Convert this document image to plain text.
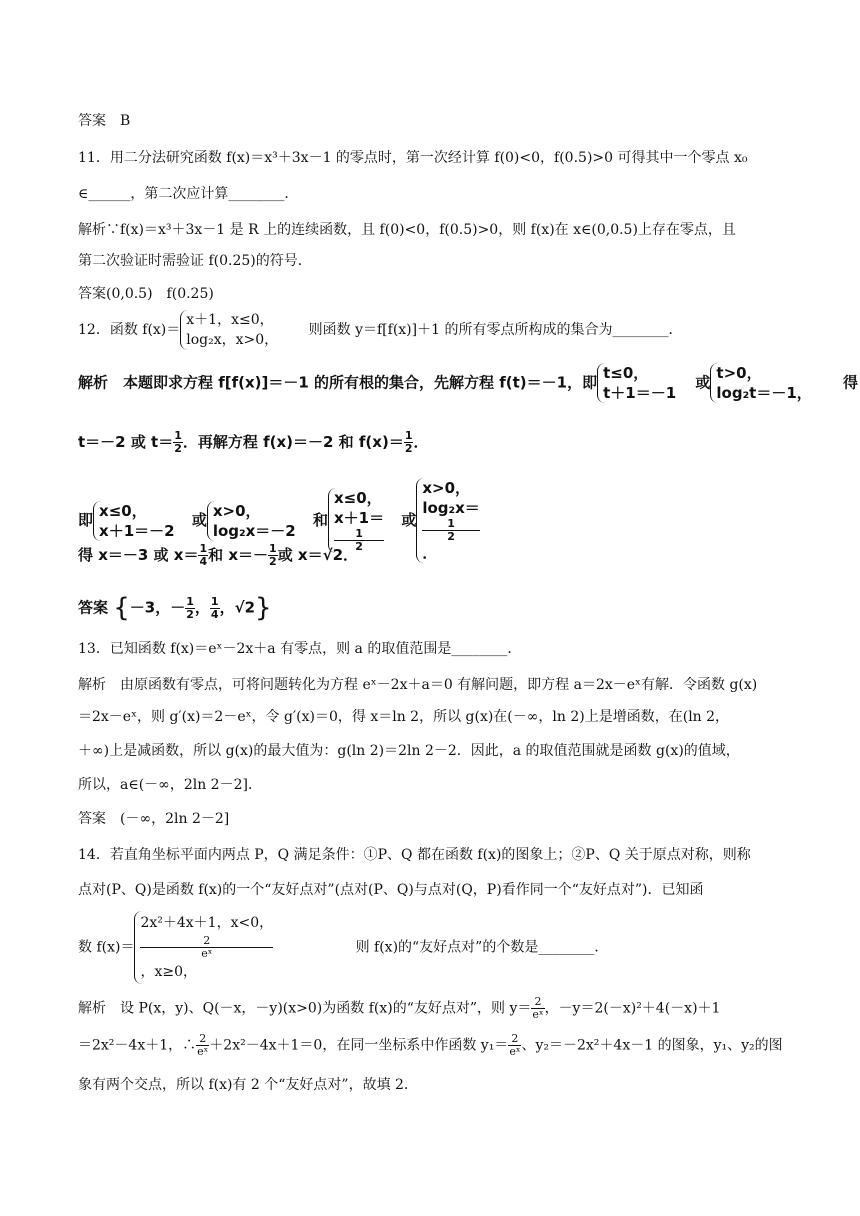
答案　B
11．用二分法研究函数 f(x)＝x³＋3x－1 的零点时，第一次经计算 f(0)<0，f(0.5)>0 可得其中一个零点 x₀
∈______，第二次应计算________．
解析∵f(x)＝x³＋3x－1 是 R 上的连续函数，且 f(0)<0，f(0.5)>0，则 f(x)在 x∈(0,0.5)上存在零点，且
第二次验证时需验证 f(0.25)的符号．
答案(0,0.5)　f(0.25)
12．函数 f(x)＝
x＋1，x≤0，
log₂x，x>0，
则函数 y＝f[f(x)]＋1 的所有零点所构成的集合为________．
解析　本题即求方程 f[f(x)]＝－1 的所有根的集合，先解方程 f(t)＝－1，即
t≤0，
t＋1＝－1
或
t>0，
log₂t＝－1，
得
t＝－2 或 $t= \frac{1}{2}$ ．再解方程 f(x)＝－2 和 $f(x)= \frac{1}{2}$ ．
即
x≤0，
x＋1＝－2
或
x>0，
log₂x＝－2
和
x≤0，
x＋1＝
1
2
或
x>0，
log₂x＝
1
2
．
得 x＝－3 或 $x= \frac{1}{4}$ 和 $x=- \frac{1}{2}$ 或 x＝√2．
答案 {－3，－ $\frac{1}{2}$ ， $\frac{1}{4}$ ，√2}
13．已知函数 f(x)＝eˣ－2x＋a 有零点，则 a 的取值范围是________．
解析　由原函数有零点，可将问题转化为方程 eˣ－2x＋a＝0 有解问题，即方程 a＝2x－eˣ有解．令函数 g(x)
＝2x－eˣ，则 g′(x)＝2－eˣ，令 g′(x)＝0，得 x＝ln 2，所以 g(x)在(－∞，ln 2)上是增函数，在(ln 2，
＋∞)上是减函数，所以 g(x)的最大值为：g(ln 2)＝2ln 2－2．因此，a 的取值范围就是函数 g(x)的值域，
所以，a∈(－∞，2ln 2－2]．
答案　(－∞，2ln 2－2]
14．若直角坐标平面内两点 P，Q 满足条件：①P、Q 都在函数 f(x)的图象上；②P、Q 关于原点对称，则称
点对(P、Q)是函数 f(x)的一个“友好点对”(点对(P、Q)与点对(Q，P)看作同一个“友好点对”)．已知函
数 f(x)＝
2x²＋4x＋1，x<0，
2
eˣ
，x≥0，
则 f(x)的“友好点对”的个数是________．
解析　设 P(x，y)、Q(－x，－y)(x>0)为函数 f(x)的“友好点对”，则 $y= \frac{2}{\text{eˣ}}$ ，－y＝2(－x)²＋4(－x)＋1
＝2x²－4x＋1，∴ $\frac{2}{\text{eˣ}} +2x^2-4x+1=0$，在同一坐标系中作函数 $y_1= \frac{2}{\text{eˣ}}$ 、y₂＝－2x²＋4x－1 的图象，y₁、y₂的图
象有两个交点，所以 f(x)有 2 个“友好点对”，故填 2．
